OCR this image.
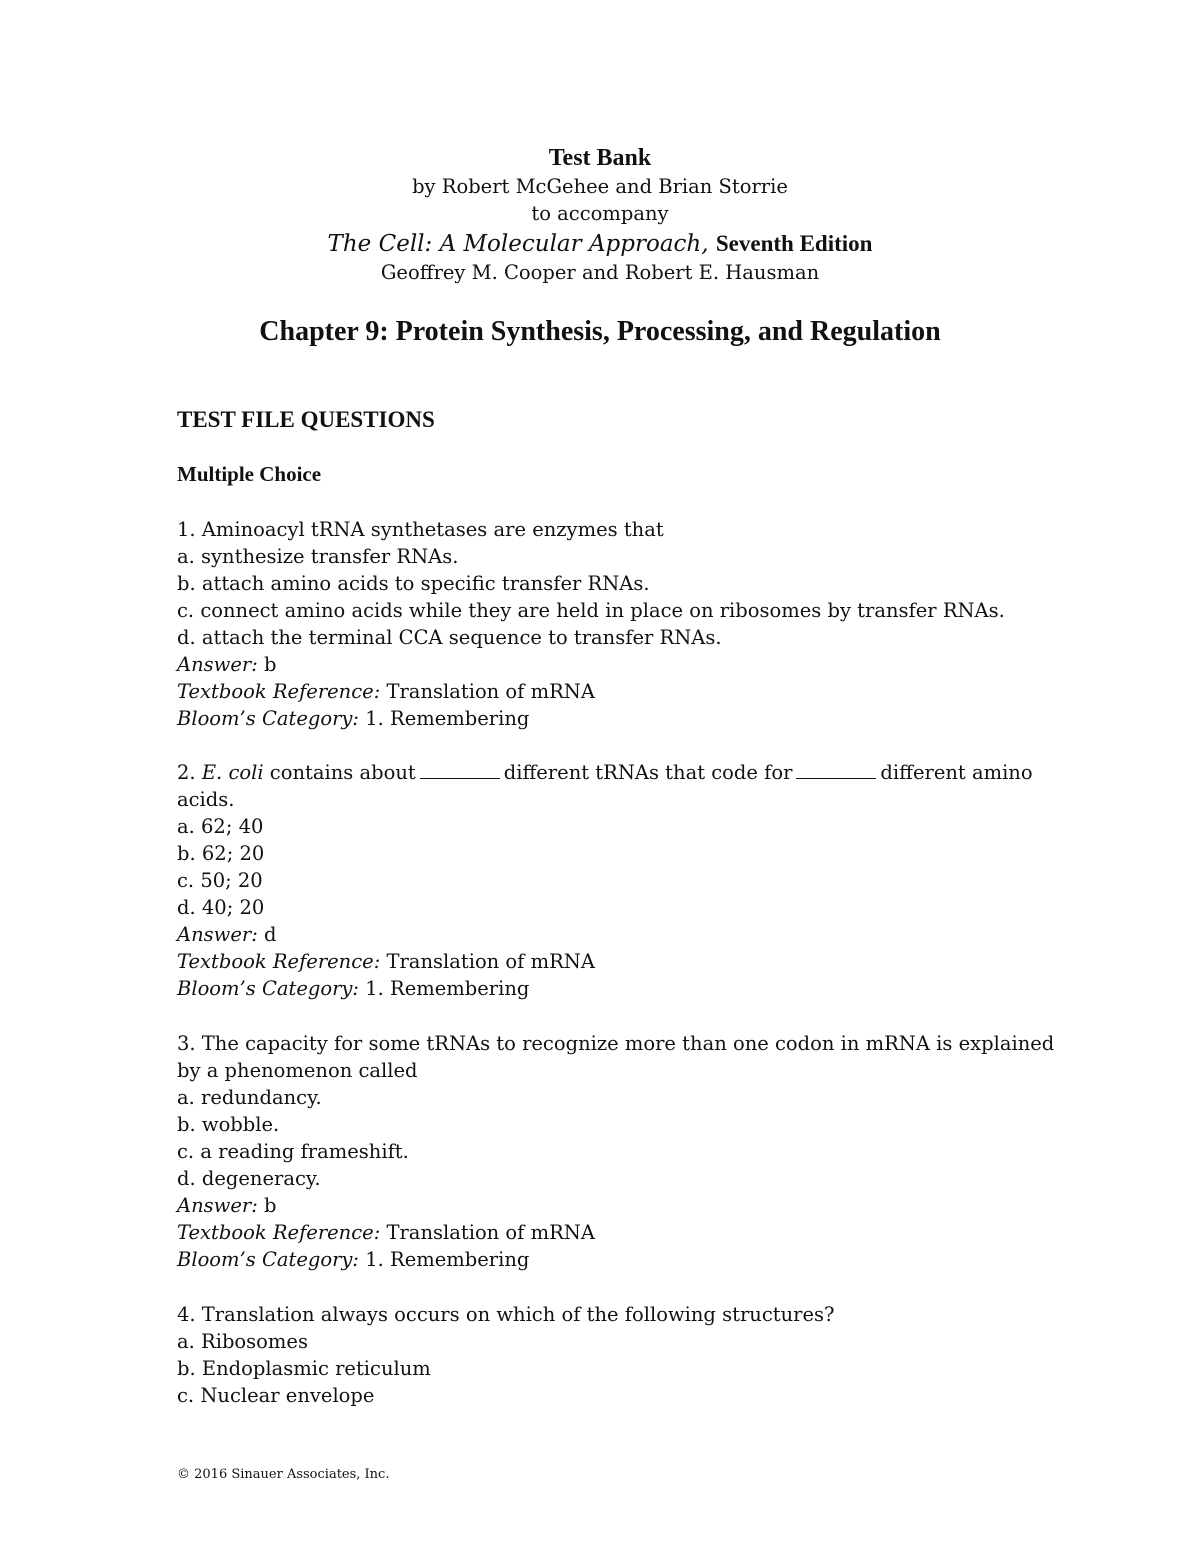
Test Bank
by Robert McGehee and Brian Storrie
to accompany
The Cell: A Molecular Approach, Seventh Edition
Geoffrey M. Cooper and Robert E. Hausman
Chapter 9: Protein Synthesis, Processing, and Regulation
TEST FILE QUESTIONS
Multiple Choice
1. Aminoacyl tRNA synthetases are enzymes that
a. synthesize transfer RNAs.
b. attach amino acids to specific transfer RNAs.
c. connect amino acids while they are held in place on ribosomes by transfer RNAs.
d. attach the terminal CCA sequence to transfer RNAs.
Answer: b
Textbook Reference: Translation of mRNA
Bloom’s Category: 1. Remembering
2. E. coli contains about	different tRNAs that code for	different amino
acids.
a. 62; 40
b. 62; 20
c. 50; 20
d. 40; 20
Answer: d
Textbook Reference: Translation of mRNA
Bloom’s Category: 1. Remembering
3. The capacity for some tRNAs to recognize more than one codon in mRNA is explained
by a phenomenon called
a. redundancy.
b. wobble.
c. a reading frameshift.
d. degeneracy.
Answer: b
Textbook Reference: Translation of mRNA
Bloom’s Category: 1. Remembering
4. Translation always occurs on which of the following structures?
a. Ribosomes
b. Endoplasmic reticulum
c. Nuclear envelope
© 2016 Sinauer Associates, Inc.
